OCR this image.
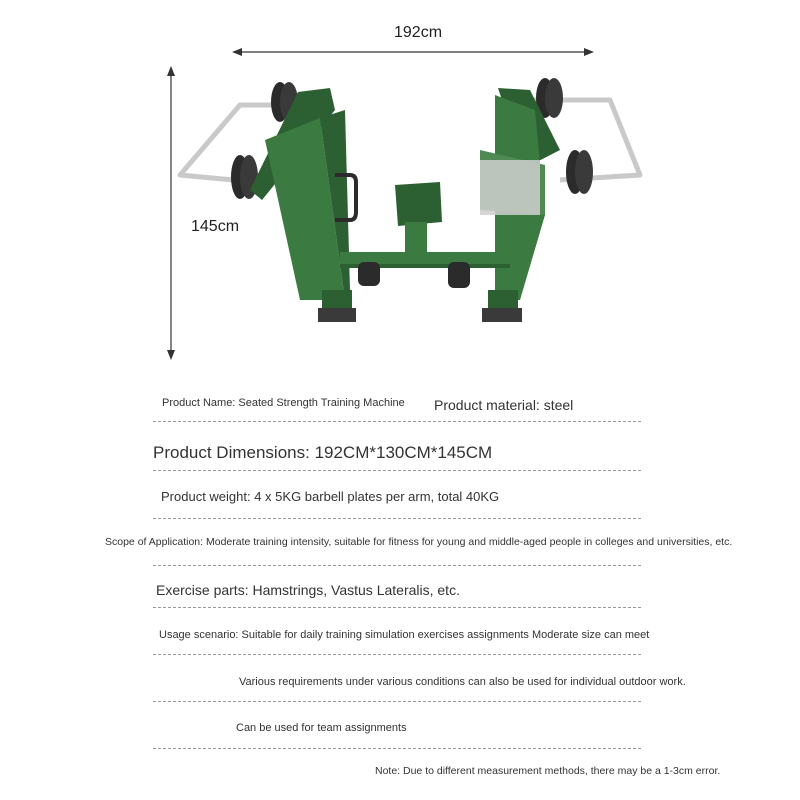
192cm
145cm
Product Name: Seated Strength Training Machine Product material: steel
Product Dimensions: 192CM*130CM*145CM
Product weight: 4 x 5KG barbell plates per arm, total 40KG
Scope of Application: Moderate training intensity, suitable for fitness for young and middle-aged people in colleges and universities, etc.
Exercise parts: Hamstrings, Vastus Lateralis, etc.
Usage scenario: Suitable for daily training simulation exercises assignments Moderate size can meet
Various requirements under various conditions can also be used for individual outdoor work.
Can be used for team assignments
Note: Due to different measurement methods, there may be a 1-3cm error.
